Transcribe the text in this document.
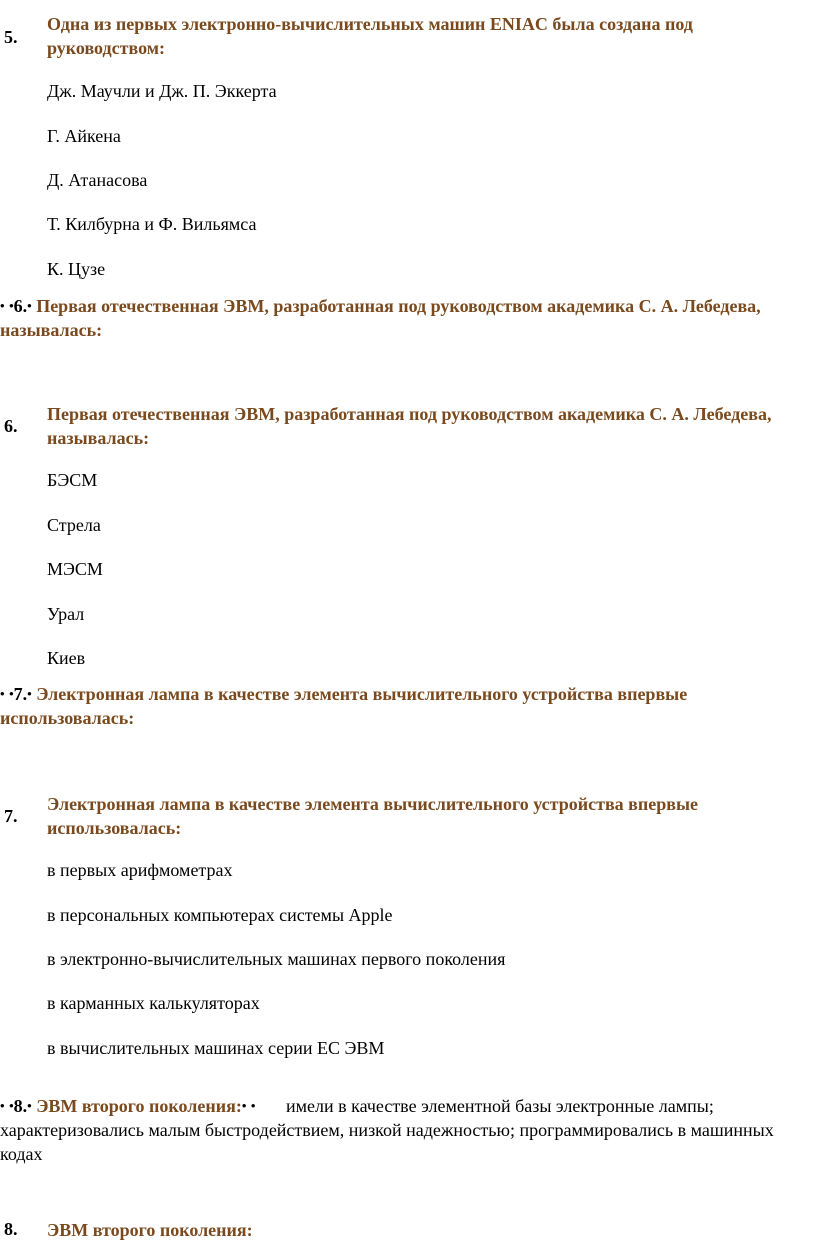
5.
Одна из первых электронно-вычислительных машин ENIAC была создана под руководством:
Дж. Маучли и Дж. П. Эккерта
Г. Айкена
Д. Атанасова
Т. Килбурна и Ф. Вильямса
К. Цузе
• •6.• Первая отечественная ЭВМ, разработанная под руководством академика С. А. Лебедева, называлась:
6.
Первая отечественная ЭВМ, разработанная под руководством академика С. А. Лебедева, называлась:
БЭСМ
Стрела
МЭСМ
Урал
Киев
• •7.• Электронная лампа в качестве элемента вычислительного устройства впервые использовалась:
7.
Электронная лампа в качестве элемента вычислительного устройства впервые использовалась:
в первых арифмометрах
в персональных компьютерах системы Apple
в электронно-вычислительных машинах первого поколения
в карманных калькуляторах
в вычислительных машинах серии ЕС ЭВМ
• •8.• ЭВМ второго поколения:• • имели в качестве элементной базы электронные лампы; характеризовались малым быстродействием, низкой надежностью; программировались в машинных кодах
8. ЭВМ второго поколения:
